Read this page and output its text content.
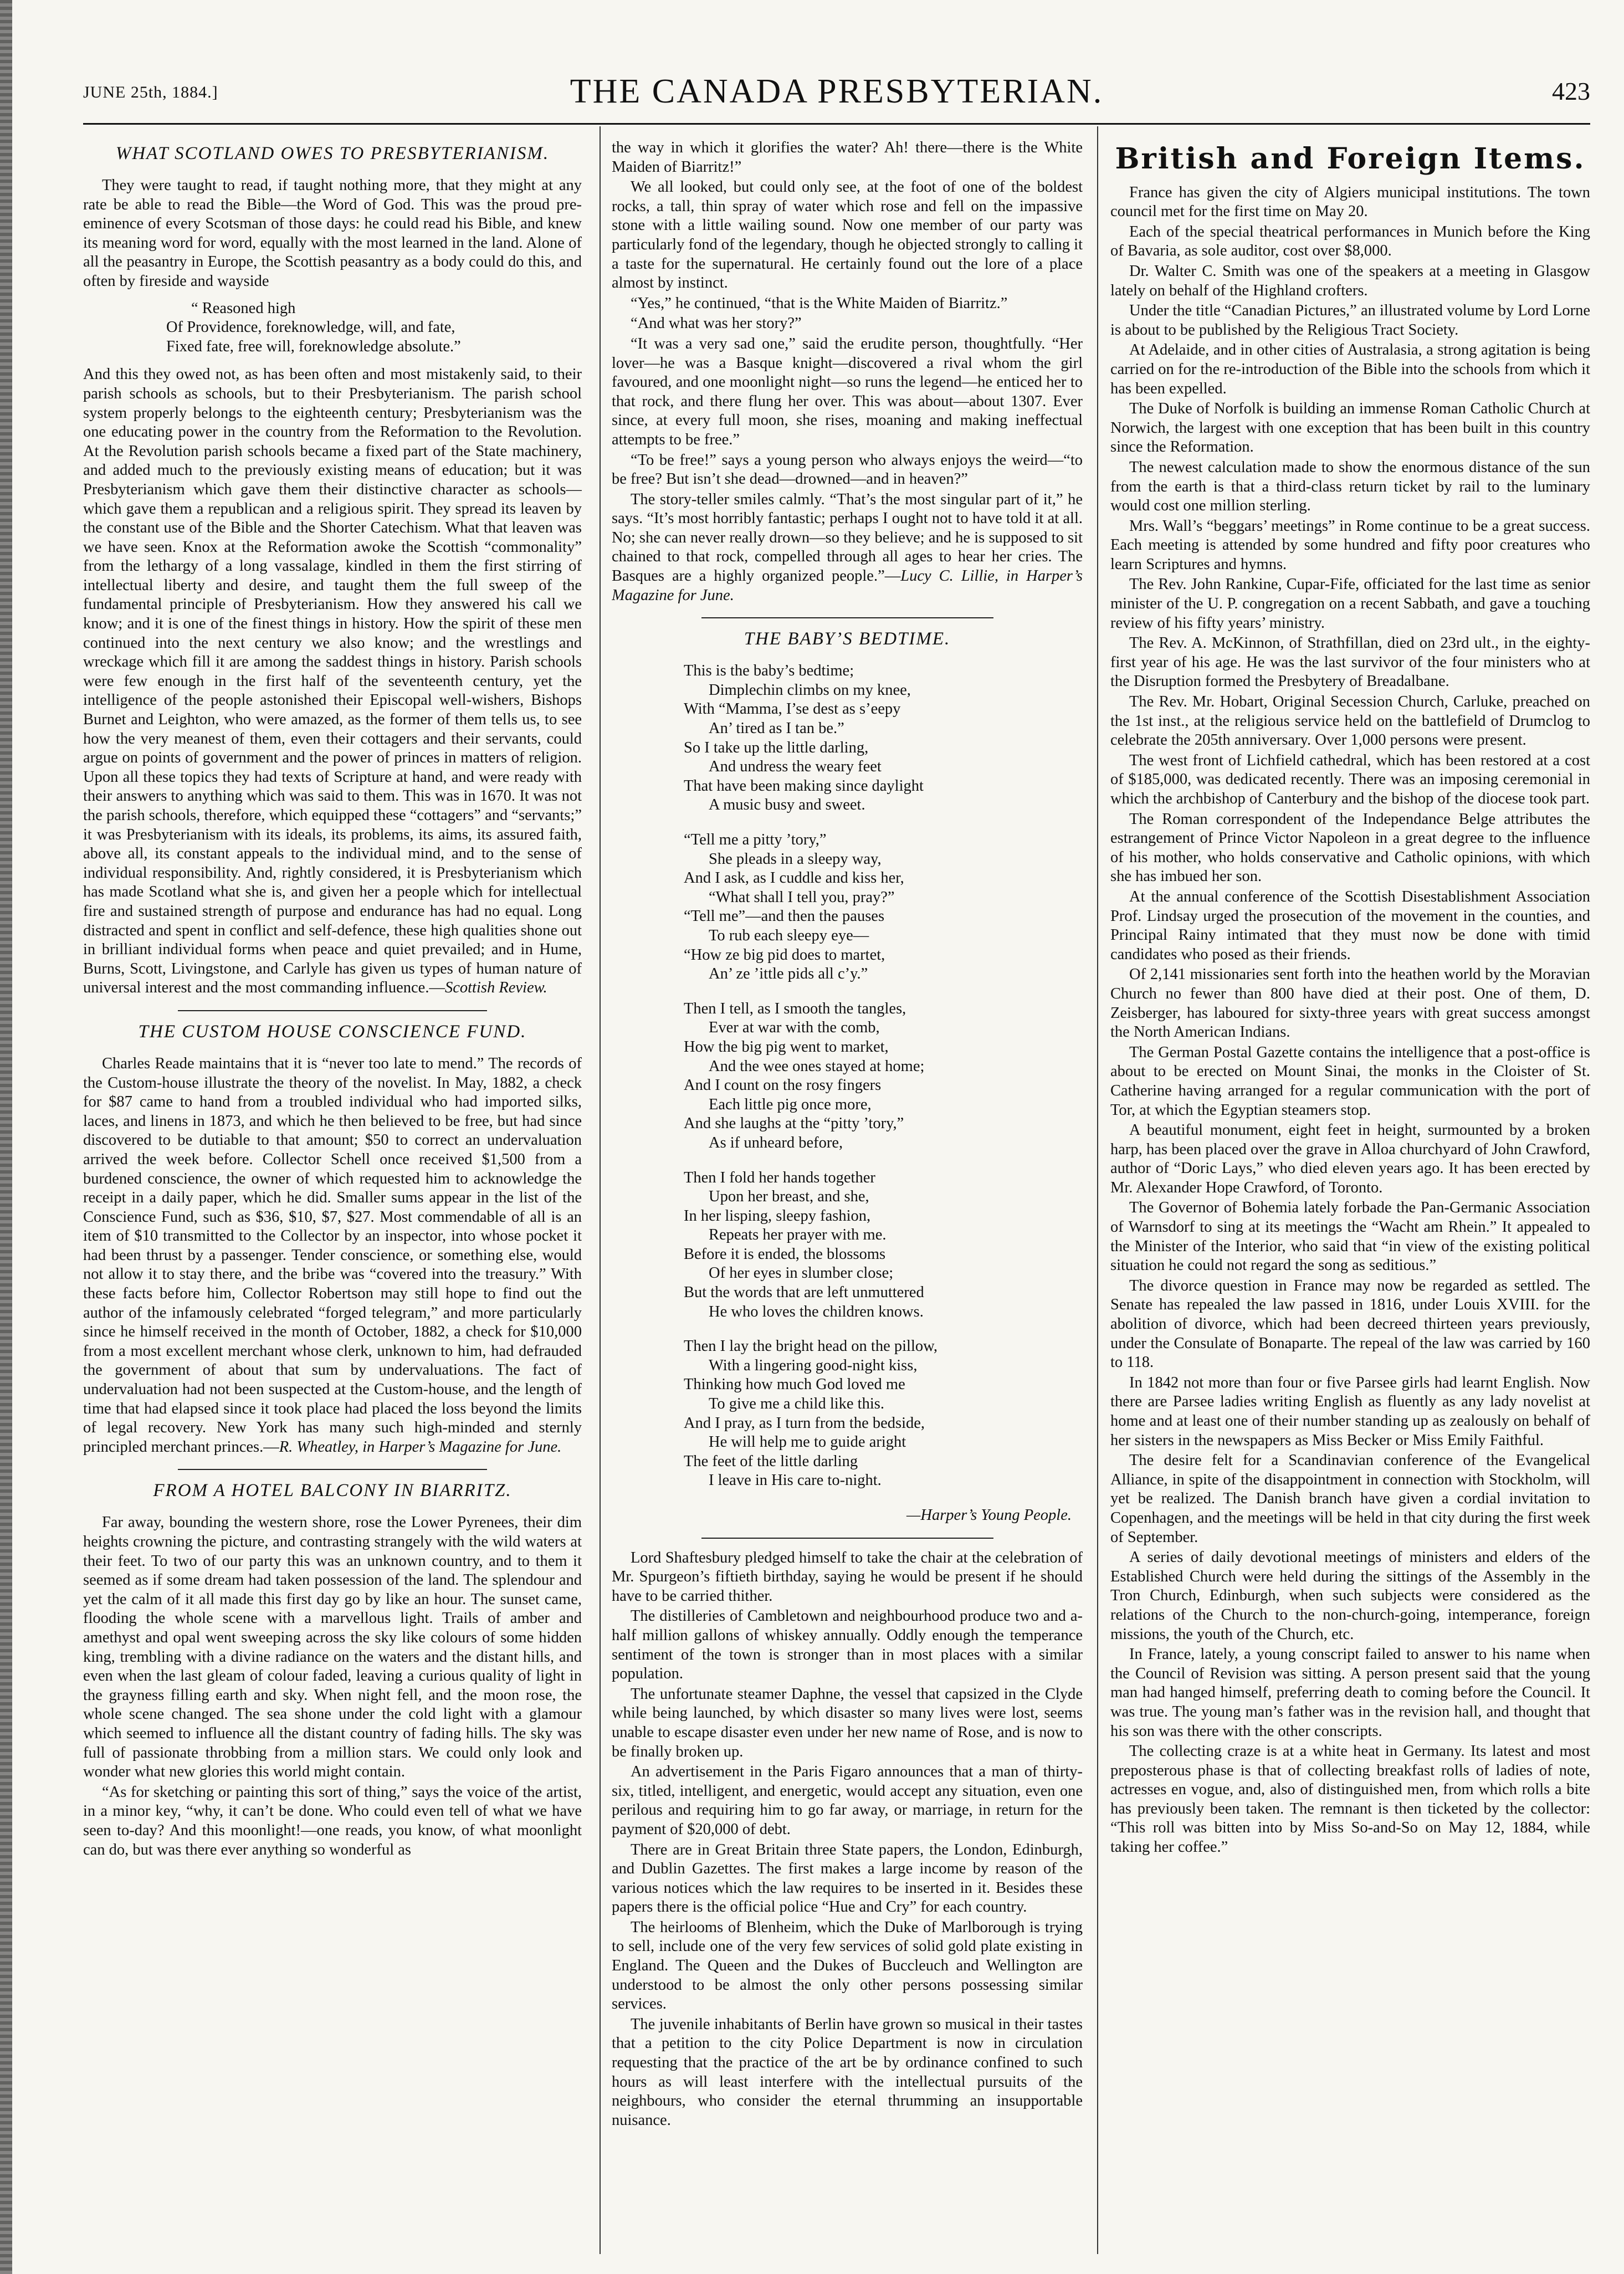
JUNE 25th, 1884.]	THE CANADA PRESBYTERIAN.	423
WHAT SCOTLAND OWES TO PRESBYTERIANISM.

They were taught to read, if taught nothing more, that they might at any rate be able to read the Bible—the Word of God. This was the proud pre-eminence of every Scotsman of those days: he could read his Bible, and knew its meaning word for word, equally with the most learned in the land. Alone of all the peasantry in Europe, the Scottish peasantry as a body could do this, and often by fireside and wayside

“ Reasoned high
Of Providence, foreknowledge, will, and fate,
Fixed fate, free will, foreknowledge absolute.”

And this they owed not, as has been often and most mistakenly said, to their parish schools as schools, but to their Presbyterianism. The parish school system properly belongs to the eighteenth century; Presbyterianism was the one educating power in the country from the Reformation to the Revolution. At the Revolution parish schools became a fixed part of the State machinery, and added much to the previously existing means of education; but it was Presbyterianism which gave them their distinctive character as schools—which gave them a republican and a religious spirit. They spread its leaven by the constant use of the Bible and the Shorter Catechism. What that leaven was we have seen. Knox at the Reformation awoke the Scottish “commonality” from the lethargy of a long vassalage, kindled in them the first stirring of intellectual liberty and desire, and taught them the full sweep of the fundamental principle of Presbyterianism. How they answered his call we know; and it is one of the finest things in history. How the spirit of these men continued into the next century we also know; and the wrestlings and wreckage which fill it are among the saddest things in history. Parish schools were few enough in the first half of the seventeenth century, yet the intelligence of the people astonished their Episcopal well-wishers, Bishops Burnet and Leighton, who were amazed, as the former of them tells us, to see how the very meanest of them, even their cottagers and their servants, could argue on points of government and the power of princes in matters of religion. Upon all these topics they had texts of Scripture at hand, and were ready with their answers to anything which was said to them. This was in 1670. It was not the parish schools, therefore, which equipped these “cottagers” and “servants;” it was Presbyterianism with its ideals, its problems, its aims, its assured faith, above all, its constant appeals to the individual mind, and to the sense of individual responsibility. And, rightly considered, it is Presbyterianism which has made Scotland what she is, and given her a people which for intellectual fire and sustained strength of purpose and endurance has had no equal. Long distracted and spent in conflict and self-defence, these high qualities shone out in brilliant individual forms when peace and quiet prevailed; and in Hume, Burns, Scott, Livingstone, and Carlyle has given us types of human nature of universal interest and the most commanding influence.—Scottish Review.

THE CUSTOM HOUSE CONSCIENCE FUND.

Charles Reade maintains that it is “never too late to mend.” The records of the Custom-house illustrate the theory of the novelist. In May, 1882, a check for $87 came to hand from a troubled individual who had imported silks, laces, and linens in 1873, and which he then believed to be free, but had since discovered to be dutiable to that amount; $50 to correct an undervaluation arrived the week before. Collector Schell once received $1,500 from a burdened conscience, the owner of which requested him to acknowledge the receipt in a daily paper, which he did. Smaller sums appear in the list of the Conscience Fund, such as $36, $10, $7, $27. Most commendable of all is an item of $10 transmitted to the Collector by an inspector, into whose pocket it had been thrust by a passenger. Tender conscience, or something else, would not allow it to stay there, and the bribe was “covered into the treasury.” With these facts before him, Collector Robertson may still hope to find out the author of the infamously celebrated “forged telegram,” and more particularly since he himself received in the month of October, 1882, a check for $10,000 from a most excellent merchant whose clerk, unknown to him, had defrauded the government of about that sum by undervaluations. The fact of undervaluation had not been suspected at the Custom-house, and the length of time that had elapsed since it took place had placed the loss beyond the limits of legal recovery. New York has many such high-minded and sternly principled merchant princes.—R. Wheatley, in Harper’s Magazine for June.

FROM A HOTEL BALCONY IN BIARRITZ.

Far away, bounding the western shore, rose the Lower Pyrenees, their dim heights crowning the picture, and contrasting strangely with the wild waters at their feet. To two of our party this was an unknown country, and to them it seemed as if some dream had taken possession of the land. The splendour and yet the calm of it all made this first day go by like an hour. The sunset came, flooding the whole scene with a marvellous light. Trails of amber and amethyst and opal went sweeping across the sky like colours of some hidden king, trembling with a divine radiance on the waters and the distant hills, and even when the last gleam of colour faded, leaving a curious quality of light in the grayness filling earth and sky. When night fell, and the moon rose, the whole scene changed. The sea shone under the cold light with a glamour which seemed to influence all the distant country of fading hills. The sky was full of passionate throbbing from a million stars. We could only look and wonder what new glories this world might contain.

“As for sketching or painting this sort of thing,” says the voice of the artist, in a minor key, “why, it can’t be done. Who could even tell of what we have seen to-day? And this moonlight!—one reads, you know, of what moonlight can do, but was there ever anything so wonderful as

the way in which it glorifies the water? Ah! there—there is the White Maiden of Biarritz!”

We all looked, but could only see, at the foot of one of the boldest rocks, a tall, thin spray of water which rose and fell on the impassive stone with a little wailing sound. Now one member of our party was particularly fond of the legendary, though he objected strongly to calling it a taste for the supernatural. He certainly found out the lore of a place almost by instinct.

“Yes,” he continued, “that is the White Maiden of Biarritz.”

“And what was her story?”

“It was a very sad one,” said the erudite person, thoughtfully. “Her lover—he was a Basque knight—discovered a rival whom the girl favoured, and one moonlight night—so runs the legend—he enticed her to that rock, and there flung her over. This was about—about 1307. Ever since, at every full moon, she rises, moaning and making ineffectual attempts to be free.”

“To be free!” says a young person who always enjoys the weird—“to be free? But isn’t she dead—drowned—and in heaven?”

The story-teller smiles calmly. “That’s the most singular part of it,” he says. “It’s most horribly fantastic; perhaps I ought not to have told it at all. No; she can never really drown—so they believe; and he is supposed to sit chained to that rock, compelled through all ages to hear her cries. The Basques are a highly organized people.”—Lucy C. Lillie, in Harper’s Magazine for June.

THE BABY’S BEDTIME.
This is the baby’s bedtime;
Dimplechin climbs on my knee,
With “Mamma, I’se dest as s’eepy
An’ tired as I tan be.”
So I take up the little darling,
And undress the weary feet
That have been making since daylight
A music busy and sweet.
“Tell me a pitty ’tory,”
She pleads in a sleepy way,
And I ask, as I cuddle and kiss her,
“What shall I tell you, pray?”
“Tell me”—and then the pauses
To rub each sleepy eye—
“How ze big pid does to martet,
An’ ze ’ittle pids all c’y.”
Then I tell, as I smooth the tangles,
Ever at war with the comb,
How the big pig went to market,
And the wee ones stayed at home;
And I count on the rosy fingers
Each little pig once more,
And she laughs at the “pitty ’tory,”
As if unheard before,
Then I fold her hands together
Upon her breast, and she,
In her lisping, sleepy fashion,
Repeats her prayer with me.
Before it is ended, the blossoms
Of her eyes in slumber close;
But the words that are left unmuttered
He who loves the children knows.
Then I lay the bright head on the pillow,
With a lingering good-night kiss,
Thinking how much God loved me
To give me a child like this.
And I pray, as I turn from the bedside,
He will help me to guide aright
The feet of the little darling
I leave in His care to-night.
—Harper’s Young People.

Lord Shaftesbury pledged himself to take the chair at the celebration of Mr. Spurgeon’s fiftieth birthday, saying he would be present if he should have to be carried thither.

The distilleries of Cambletown and neighbourhood produce two and a-half million gallons of whiskey annually. Oddly enough the temperance sentiment of the town is stronger than in most places with a similar population.

The unfortunate steamer Daphne, the vessel that capsized in the Clyde while being launched, by which disaster so many lives were lost, seems unable to escape disaster even under her new name of Rose, and is now to be finally broken up.

An advertisement in the Paris Figaro announces that a man of thirty-six, titled, intelligent, and energetic, would accept any situation, even one perilous and requiring him to go far away, or marriage, in return for the payment of $20,000 of debt.

There are in Great Britain three State papers, the London, Edinburgh, and Dublin Gazettes. The first makes a large income by reason of the various notices which the law requires to be inserted in it. Besides these papers there is the official police “Hue and Cry” for each country.

The heirlooms of Blenheim, which the Duke of Marlborough is trying to sell, include one of the very few services of solid gold plate existing in England. The Queen and the Dukes of Buccleuch and Wellington are understood to be almost the only other persons possessing similar services.

The juvenile inhabitants of Berlin have grown so musical in their tastes that a petition to the city Police Department is now in circulation requesting that the practice of the art be by ordinance confined to such hours as will least interfere with the intellectual pursuits of the neighbours, who consider the eternal thrumming an insupportable nuisance.

British and Foreign Items.

France has given the city of Algiers municipal institutions. The town council met for the first time on May 20.

Each of the special theatrical performances in Munich before the King of Bavaria, as sole auditor, cost over $8,000.

Dr. Walter C. Smith was one of the speakers at a meeting in Glasgow lately on behalf of the Highland crofters.

Under the title “Canadian Pictures,” an illustrated volume by Lord Lorne is about to be published by the Religious Tract Society.

At Adelaide, and in other cities of Australasia, a strong agitation is being carried on for the re-introduction of the Bible into the schools from which it has been expelled.

The Duke of Norfolk is building an immense Roman Catholic Church at Norwich, the largest with one exception that has been built in this country since the Reformation.

The newest calculation made to show the enormous distance of the sun from the earth is that a third-class return ticket by rail to the luminary would cost one million sterling.

Mrs. Wall’s “beggars’ meetings” in Rome continue to be a great success. Each meeting is attended by some hundred and fifty poor creatures who learn Scriptures and hymns.

The Rev. John Rankine, Cupar-Fife, officiated for the last time as senior minister of the U. P. congregation on a recent Sabbath, and gave a touching review of his fifty years’ ministry.

The Rev. A. McKinnon, of Strathfillan, died on 23rd ult., in the eighty-first year of his age. He was the last survivor of the four ministers who at the Disruption formed the Presbytery of Breadalbane.

The Rev. Mr. Hobart, Original Secession Church, Carluke, preached on the 1st inst., at the religious service held on the battlefield of Drumclog to celebrate the 205th anniversary. Over 1,000 persons were present.

The west front of Lichfield cathedral, which has been restored at a cost of $185,000, was dedicated recently. There was an imposing ceremonial in which the archbishop of Canterbury and the bishop of the diocese took part.

The Roman correspondent of the Independance Belge attributes the estrangement of Prince Victor Napoleon in a great degree to the influence of his mother, who holds conservative and Catholic opinions, with which she has imbued her son.

At the annual conference of the Scottish Disestablishment Association Prof. Lindsay urged the prosecution of the movement in the counties, and Principal Rainy intimated that they must now be done with timid candidates who posed as their friends.

Of 2,141 missionaries sent forth into the heathen world by the Moravian Church no fewer than 800 have died at their post. One of them, D. Zeisberger, has laboured for sixty-three years with great success amongst the North American Indians.

The German Postal Gazette contains the intelligence that a post-office is about to be erected on Mount Sinai, the monks in the Cloister of St. Catherine having arranged for a regular communication with the port of Tor, at which the Egyptian steamers stop.

A beautiful monument, eight feet in height, surmounted by a broken harp, has been placed over the grave in Alloa churchyard of John Crawford, author of “Doric Lays,” who died eleven years ago. It has been erected by Mr. Alexander Hope Crawford, of Toronto.

The Governor of Bohemia lately forbade the Pan-Germanic Association of Warnsdorf to sing at its meetings the “Wacht am Rhein.” It appealed to the Minister of the Interior, who said that “in view of the existing political situation he could not regard the song as seditious.”

The divorce question in France may now be regarded as settled. The Senate has repealed the law passed in 1816, under Louis XVIII. for the abolition of divorce, which had been decreed thirteen years previously, under the Consulate of Bonaparte. The repeal of the law was carried by 160 to 118.

In 1842 not more than four or five Parsee girls had learnt English. Now there are Parsee ladies writing English as fluently as any lady novelist at home and at least one of their number standing up as zealously on behalf of her sisters in the newspapers as Miss Becker or Miss Emily Faithful.

The desire felt for a Scandinavian conference of the Evangelical Alliance, in spite of the disappointment in connection with Stockholm, will yet be realized. The Danish branch have given a cordial invitation to Copenhagen, and the meetings will be held in that city during the first week of September.

A series of daily devotional meetings of ministers and elders of the Established Church were held during the sittings of the Assembly in the Tron Church, Edinburgh, when such subjects were considered as the relations of the Church to the non-church-going, intemperance, foreign missions, the youth of the Church, etc.

In France, lately, a young conscript failed to answer to his name when the Council of Revision was sitting. A person present said that the young man had hanged himself, preferring death to coming before the Council. It was true. The young man’s father was in the revision hall, and thought that his son was there with the other conscripts.

The collecting craze is at a white heat in Germany. Its latest and most preposterous phase is that of collecting breakfast rolls of ladies of note, actresses en vogue, and, also of distinguished men, from which rolls a bite has previously been taken. The remnant is then ticketed by the collector: “This roll was bitten into by Miss So-and-So on May 12, 1884, while taking her coffee.”
